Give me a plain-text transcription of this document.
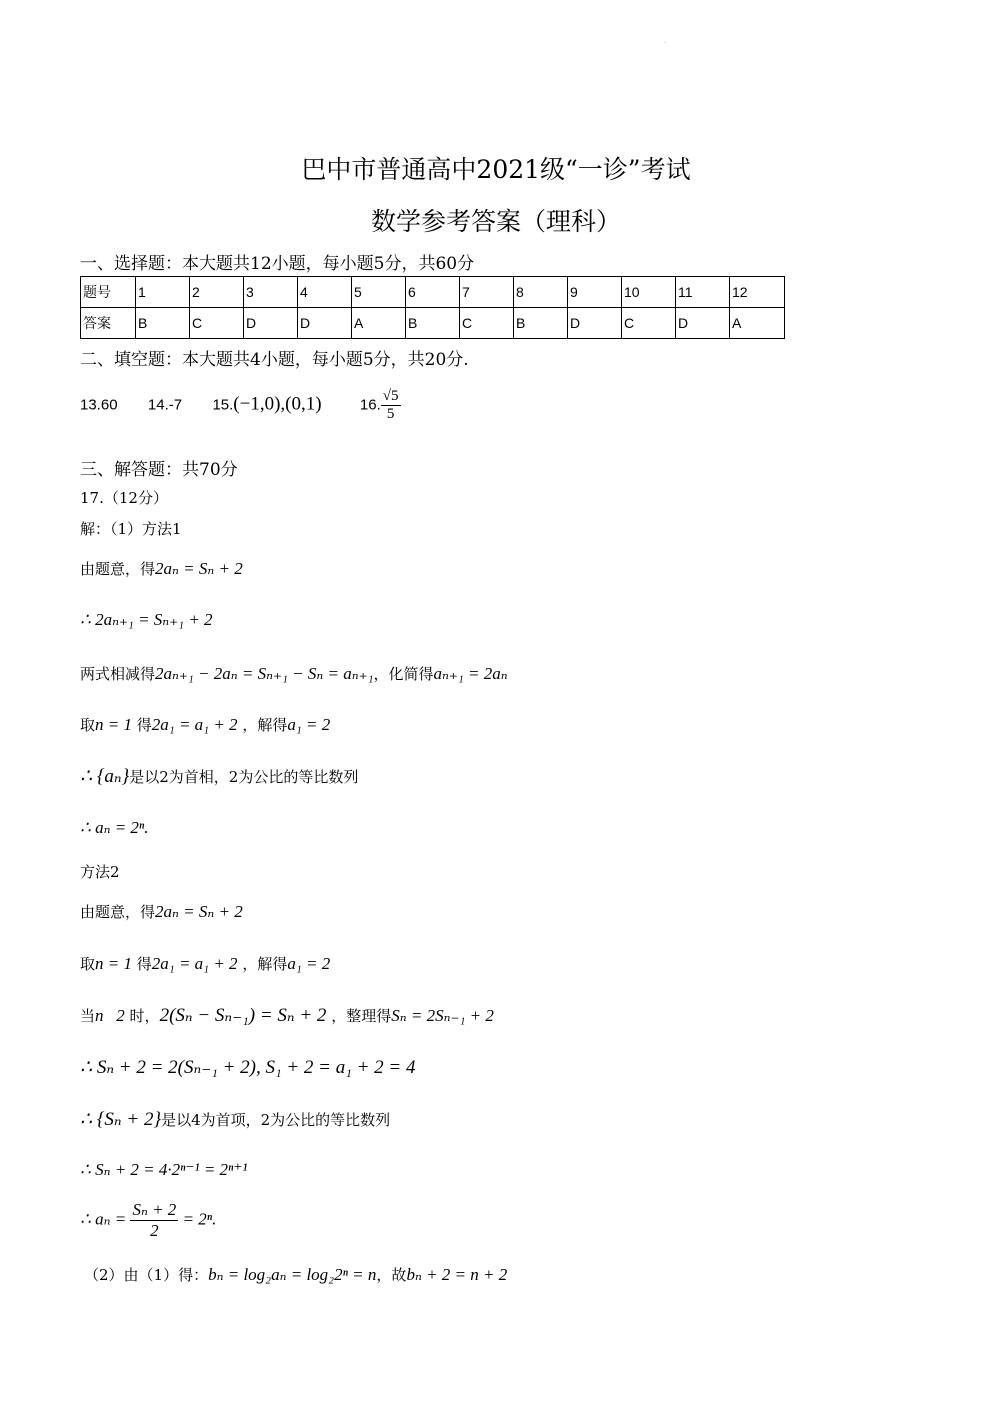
·
巴中市普通高中2021级“一诊”考试
数学参考答案（理科）
一、选择题：本大题共12小题，每小题5分，共60分
题号	1	2	3	4	5	6	7	8	9	10	11	12
答案	B	C	D	D	A	B	C	B	D	C	D	A
二、填空题：本大题共4小题，每小题5分，共20分.
13.60 14.-7 15.(−1,0),(0,1)	16. $\frac{√5}{5}$
三、解答题：共70分
17.（12分）
解：（1）方法1
由题意，得2aₙ = Sₙ + 2
∴ 2aₙ₊₁ = Sₙ₊₁ + 2
两式相减得2aₙ₊₁ − 2aₙ = Sₙ₊₁ − Sₙ = aₙ₊₁，化简得aₙ₊₁ = 2aₙ
取n = 1 得2a₁ = a₁ + 2 ，解得a₁ = 2
∴ {aₙ}是以2为首相，2为公比的等比数列
∴ aₙ = 2ⁿ.
方法2
由题意，得2aₙ = Sₙ + 2
取n = 1 得2a₁ = a₁ + 2 ，解得a₁ = 2
当n   2 时，2(Sₙ − Sₙ₋₁) = Sₙ + 2 ，整理得Sₙ = 2Sₙ₋₁ + 2
∴ Sₙ + 2 = 2(Sₙ₋₁ + 2), S₁ + 2 = a₁ + 2 = 4
∴ {Sₙ + 2}是以4为首项，2为公比的等比数列
∴ Sₙ + 2 = 4·2ⁿ⁻¹ = 2ⁿ⁺¹
∴ $a_n = \frac{\text{Sₙ + 2}}{2} = 2^n$.
（2）由（1）得：bₙ = log₂aₙ = log₂2ⁿ = n，故bₙ + 2 = n + 2
